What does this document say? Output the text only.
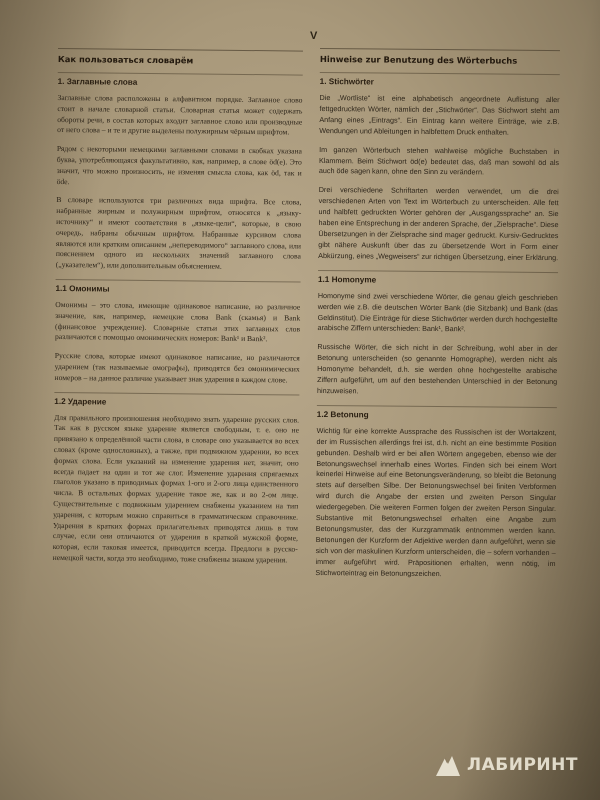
V
Как пользоваться словарём
1. Заглавные слова

Заглавные слова расположены в алфавитном порядке. Заглавное слово стоит в начале словарной статьи. Словарная статья может содержать обороты речи, в состав которых входит заглавное слово или производные от него слова – и те и другие выделены полужирным чёрным шрифтом.

Рядом с некоторыми немецкими заглавными словами в скобках указана буква, употребляющаяся факультативно, как, например, в слове öd(e). Это значит, что можно произносить, не изменяя смысла слова, как öd, так и öde.

В словаре используются три различных вида шрифта. Все слова, набранные жирным и полужирным шрифтом, относятся к „языку-источнику“ и имеют соответствия в „языке-цели“, которые, в свою очередь, набраны обычным шрифтом. Набранные курсивом слова являются или кратким описанием „непереводимого“ заглавного слова, или пояснением одного из нескольких значений заглавного слова („указателем“), или дополнительным объяснением.

1.1 Омонимы

Омонимы – это слова, имеющие одинаковое написание, но различное значение, как, например, немецкие слова Bank (скамья) и Bank (финансовое учреждение). Словарные статьи этих заглавных слов различаются с помощью омонимических номеров: Bank¹ и Bank².

Русские слова, которые имеют одинаковое написание, но различаются ударением (так называемые омографы), приводятся без омонимических номеров – на данное различие указывает знак ударения в каждом слове.

1.2 Ударение

Для правильного произношения необходимо знать ударение русских слов. Так как в русском языке ударение является свободным, т. е. оно не привязано к определённой части слова, в словаре оно указывается во всех словах (кроме односложных), а также, при подвижном ударении, во всех формах слова. Если указаний на изменение ударения нет, значит, оно всегда падает на один и тот же слог. Изменение ударения спрягаемых глаголов указано в приводимых формах 1-ого и 2-ого лица единственного числа. В остальных формах ударение такое же, как и во 2-ом лице. Существительные с подвижным ударением снабжены указанием на тип ударения, с которым можно справиться в грамматическом справочнике. Ударения в кратких формах прилагательных приводятся лишь в том случае, если они отличаются от ударения в краткой мужской форме, которая, если таковая имеется, приводится всегда. Предлоги в русско-немецкой части, когда это необходимо, тоже снабжены знаком ударения.

Hinweise zur Benutzung des Wörterbuchs
1. Stichwörter

Die „Wortliste“ ist eine alphabetisch angeordnete Auflistung aller fettgedruckten Wörter, nämlich der „Stichwörter“. Das Stichwort steht am Anfang eines „Eintrags“. Ein Eintrag kann weitere Einträge, wie z.B. Wendungen und Ableitungen in halbfettem Druck enthalten.

Im ganzen Wörterbuch stehen wahlweise mögliche Buchstaben in Klammern. Beim Stichwort öd(e) bedeutet das, daß man sowohl öd als auch öde sagen kann, ohne den Sinn zu verändern.

Drei verschiedene Schriftarten werden verwendet, um die drei verschiedenen Arten von Text im Wörterbuch zu unterscheiden. Alle fett und halbfett gedruckten Wörter gehören der „Ausgangssprache“ an. Sie haben eine Entsprechung in der anderen Sprache, der „Zielsprache“. Diese Übersetzungen in der Zielsprache sind mager gedruckt. Kursiv-Gedrucktes gibt nähere Auskunft über das zu übersetzende Wort in Form einer Abkürzung, eines „Wegweisers“ zur richtigen Übersetzung, einer Erklärung.

1.1 Homonyme

Homonyme sind zwei verschiedene Wörter, die genau gleich geschrieben werden wie z.B. die deutschen Wörter Bank (die Sitzbank) und Bank (das Geldinstitut). Die Einträge für diese Stichwörter werden durch hochgestellte arabische Ziffern unterschieden: Bank¹, Bank².

Russische Wörter, die sich nicht in der Schreibung, wohl aber in der Betonung unterscheiden (so genannte Homographe), werden nicht als Homonyme behandelt, d.h. sie werden ohne hochgestellte arabische Ziffern aufgeführt, um auf den bestehenden Unterschied in der Betonung hinzuweisen.

1.2 Betonung

Wichtig für eine korrekte Aussprache des Russischen ist der Wortakzent, der im Russischen allerdings frei ist, d.h. nicht an eine bestimmte Position gebunden. Deshalb wird er bei allen Wörtern angegeben, ebenso wie der Betonungswechsel innerhalb eines Wortes. Finden sich bei einem Wort keinerlei Hinweise auf eine Betonungsveränderung, so bleibt die Betonung stets auf derselben Silbe. Der Betonungswechsel bei finiten Verbformen wird durch die Angabe der ersten und zweiten Person Singular wiedergegeben. Die weiteren Formen folgen der zweiten Person Singular. Substantive mit Betonungswechsel erhalten eine Angabe zum Betonungsmuster, das der Kurzgrammatik entnommen werden kann. Betonungen der Kurzform der Adjektive werden dann aufgeführt, wenn sie sich von der maskulinen Kurzform unterscheiden, die – sofern vorhanden – immer aufgeführt wird. Präpositionen erhalten, wenn nötig, im Stichworteintrag ein Betonungszeichen.

ЛАБИРИНТ
